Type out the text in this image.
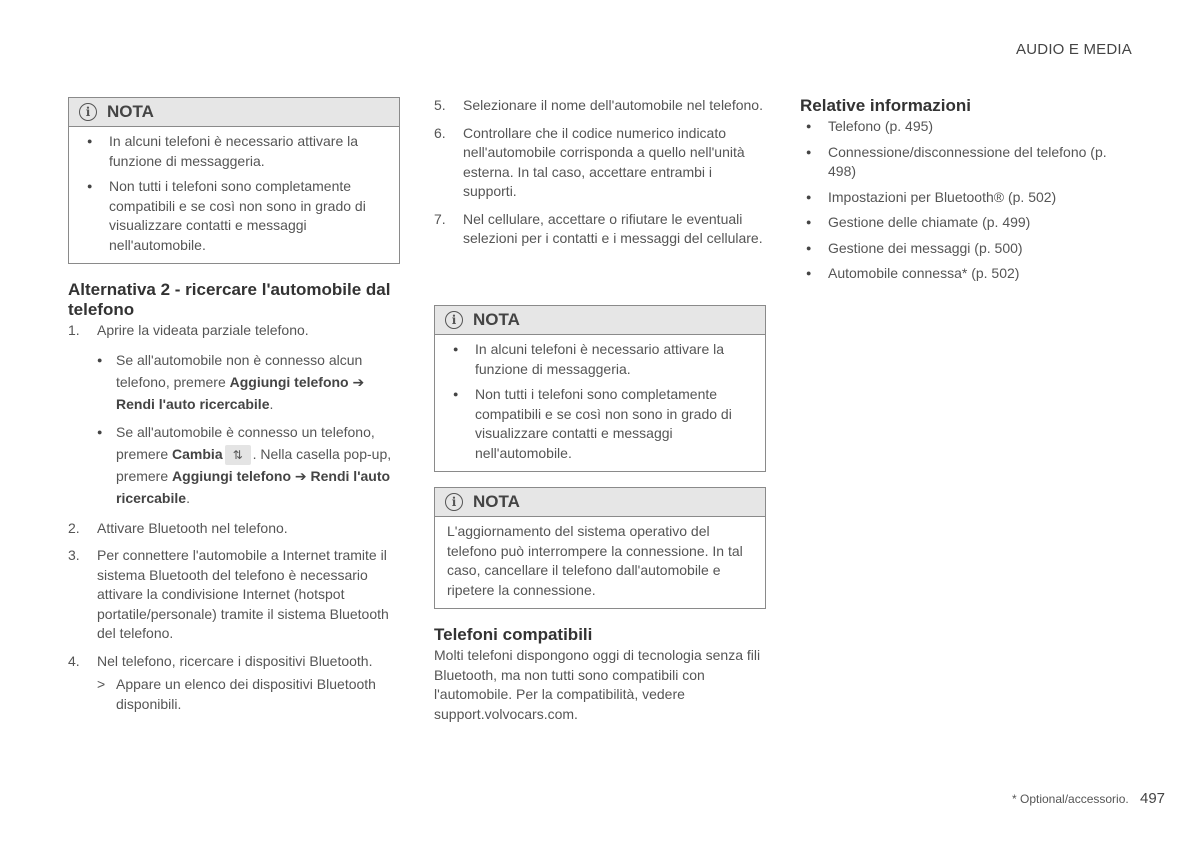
AUDIO E MEDIA
i NOTA
● In alcuni telefoni è necessario attivare la funzione di messaggeria.
● Non tutti i telefoni sono completamente compatibili e se così non sono in grado di visualizzare contatti e messaggi nell'automobile.
Alternativa 2 - ricercare l'automobile dal telefono
1. Aprire la videata parziale telefono.
● Se all'automobile non è connesso alcun telefono, premere Aggiungi telefono ➔ Rendi l'auto ricercabile.
● Se all'automobile è connesso un telefono, premere Cambia ⇅ . Nella casella pop-up, premere Aggiungi telefono ➔ Rendi l'auto ricercabile.
2. Attivare Bluetooth nel telefono.
3. Per connettere l'automobile a Internet tramite il sistema Bluetooth del telefono è necessario attivare la condivisione Internet (hotspot portatile/personale) tramite il sistema Bluetooth del telefono.
4. Nel telefono, ricercare i dispositivi Bluetooth.
> Appare un elenco dei dispositivi Bluetooth disponibili.
5. Selezionare il nome dell'automobile nel telefono.
6. Controllare che il codice numerico indicato nell'automobile corrisponda a quello nell'unità esterna. In tal caso, accettare entrambi i supporti.
7. Nel cellulare, accettare o rifiutare le eventuali selezioni per i contatti e i messaggi del cellulare.
i NOTA
● In alcuni telefoni è necessario attivare la funzione di messaggeria.
● Non tutti i telefoni sono completamente compatibili e se così non sono in grado di visualizzare contatti e messaggi nell'automobile.
i NOTA
L'aggiornamento del sistema operativo del telefono può interrompere la connessione. In tal caso, cancellare il telefono dall'automobile e ripetere la connessione.
Telefoni compatibili
Molti telefoni dispongono oggi di tecnologia senza fili Bluetooth, ma non tutti sono compatibili con l'automobile. Per la compatibilità, vedere support.volvocars.com.
Relative informazioni
● Telefono (p. 495)
● Connessione/disconnessione del telefono (p. 498)
● Impostazioni per Bluetooth® (p. 502)
● Gestione delle chiamate (p. 499)
● Gestione dei messaggi (p. 500)
● Automobile connessa* (p. 502)
* Optional/accessorio. 497
